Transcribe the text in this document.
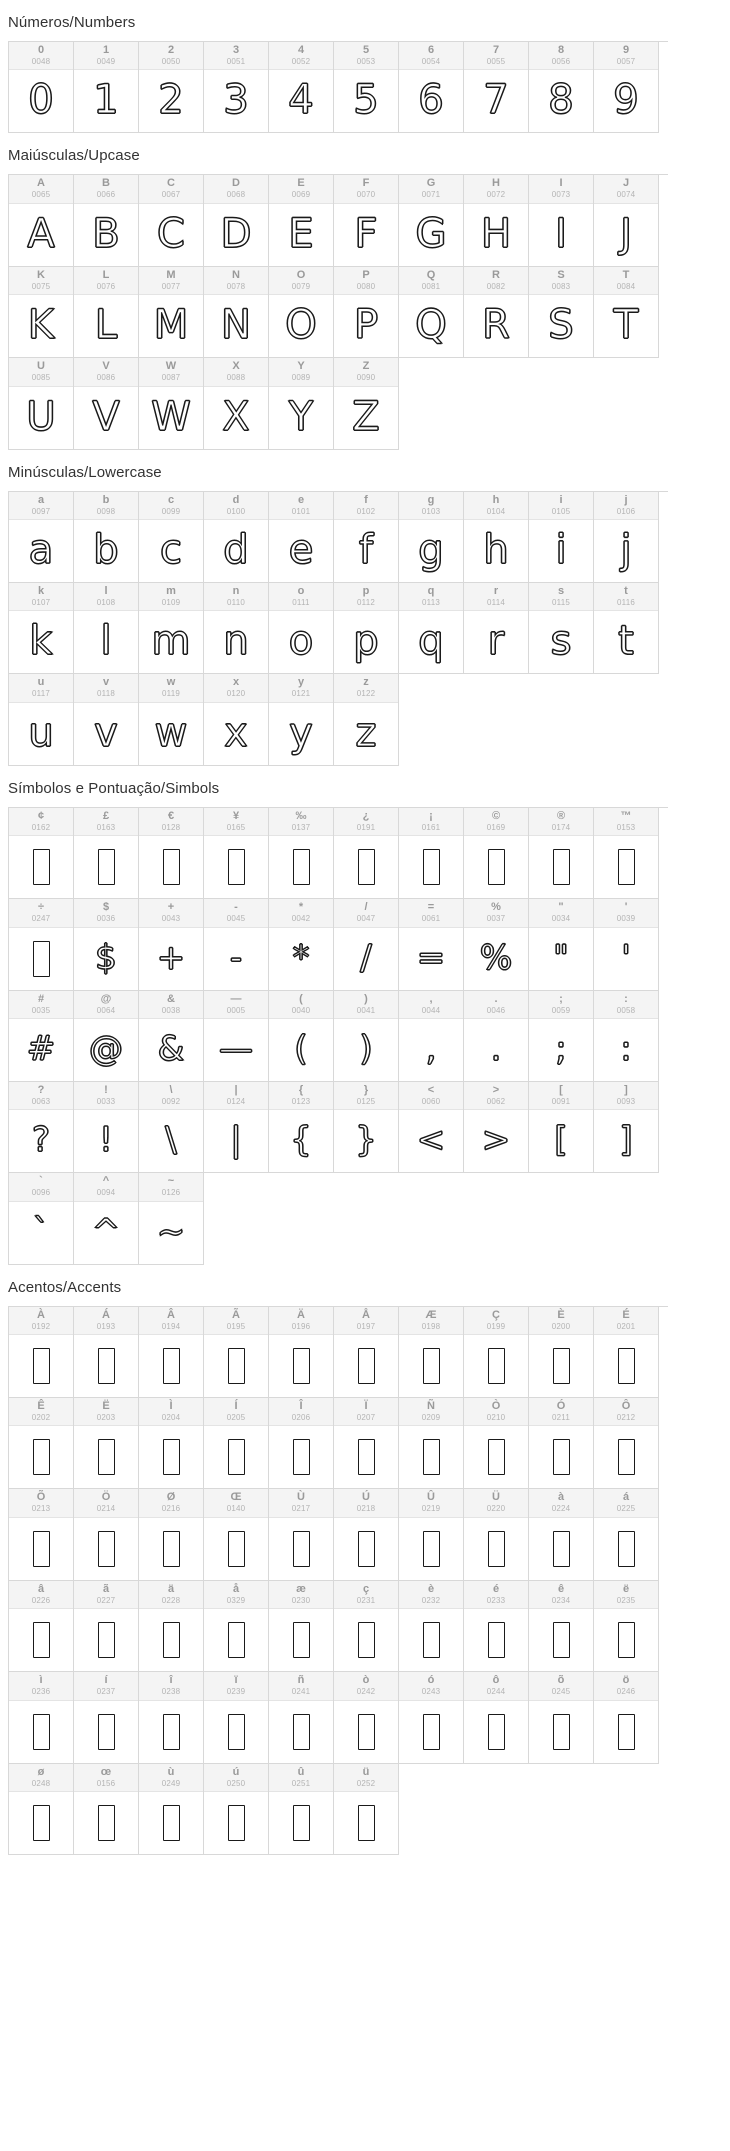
Números/Numbers
0
0048
0
1
0049
1
2
0050
2
3
0051
3
4
0052
4
5
0053
5
6
0054
6
7
0055
7
8
0056
8
9
0057
9
Maiúsculas/Upcase
A
0065
A
B
0066
B
C
0067
C
D
0068
D
E
0069
E
F
0070
F
G
0071
G
H
0072
H
I
0073
I
J
0074
J
K
0075
K
L
0076
L
M
0077
M
N
0078
N
O
0079
O
P
0080
P
Q
0081
Q
R
0082
R
S
0083
S
T
0084
T
U
0085
U
V
0086
V
W
0087
W
X
0088
X
Y
0089
Y
Z
0090
Z
Minúsculas/Lowercase
a
0097
a
b
0098
b
c
0099
c
d
0100
d
e
0101
e
f
0102
f
g
0103
g
h
0104
h
i
0105
i
j
0106
j
k
0107
k
l
0108
l
m
0109
m
n
0110
n
o
0111
o
p
0112
p
q
0113
q
r
0114
r
s
0115
s
t
0116
t
u
0117
u
v
0118
v
w
0119
w
x
0120
x
y
0121
y
z
0122
z
Símbolos e Pontuação/Simbols
¢
0162
£
0163
€
0128
¥
0165
‰
0137
¿
0191
¡
0161
©
0169
®
0174
™
0153
÷
0247
$
0036
$
+
0043
+
-
0045
-
*
0042
*
/
0047
/
=
0061
=
%
0037
%
"
0034
"
'
0039
'
#
0035
#
@
0064
@
&
0038
&
—
0005
—
(
0040
(
)
0041
)
,
0044
,
.
0046
.
;
0059
;
:
0058
:
?
0063
?
!
0033
!
\
0092
\
|
0124
|
{
0123
{
}
0125
}
<
0060
<
>
0062
>
[
0091
[
]
0093
]
`
0096
`
^
0094
^
~
0126
~
Acentos/Accents
À
0192
Á
0193
Â
0194
Ã
0195
Ä
0196
Å
0197
Æ
0198
Ç
0199
È
0200
É
0201
Ê
0202
Ë
0203
Ì
0204
Í
0205
Î
0206
Ï
0207
Ñ
0209
Ò
0210
Ó
0211
Ô
0212
Õ
0213
Ö
0214
Ø
0216
Œ
0140
Ù
0217
Ú
0218
Û
0219
Ü
0220
à
0224
á
0225
â
0226
ã
0227
ä
0228
å
0329
æ
0230
ç
0231
è
0232
é
0233
ê
0234
ë
0235
ì
0236
í
0237
î
0238
ï
0239
ñ
0241
ò
0242
ó
0243
ô
0244
õ
0245
ö
0246
ø
0248
œ
0156
ù
0249
ú
0250
û
0251
ü
0252
